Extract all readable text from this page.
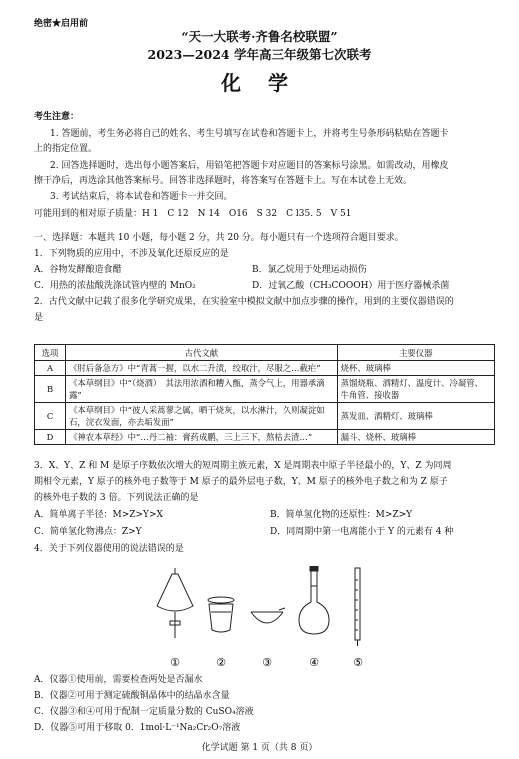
绝密★启用前
“天一大联考·齐鲁名校联盟”
2023—2024 学年高三年级第七次联考
化 学
考生注意：
1. 答题前，考生务必将自己的姓名、考生号填写在试卷和答题卡上，并将考生号条形码粘贴在答题卡
上的指定位置。
2. 回答选择题时，选出每小题答案后，用铅笔把答题卡对应题目的答案标号涂黑。如需改动，用橡皮
擦干净后，再选涂其他答案标号。回答非选择题时，将答案写在答题卡上。写在本试卷上无效。
3. 考试结束后，将本试卷和答题卡一并交回。
可能用到的相对原子质量：H 1　C 12　N 14　O16　S 32　C l35. 5　V 51
一、选择题：本题共 10 小题，每小题 2 分，共 20 分。每小题只有一个选项符合题目要求。
1．下列物质的应用中，不涉及氧化还原反应的是
A．谷物发酵酿造食醋	B．氯乙烷用于处理运动损伤
C．用热的浓盐酸洗涤试管内壁的 MnO₂	D．过氧乙酸（CH₃COOOH）用于医疗器械杀菌
2．古代文献中记载了很多化学研究成果，在实验室中模拟文献中加点步骤的操作，用到的主要仪器错误的
是
选项	古代文献	主要仪器
A	《肘后备急方》中“青蒿一握，以水二升渍，绞取汁，尽服之…截疟”	烧杯、玻璃棒
B	《本草纲目》中“（烧酒）　其法用浓酒和糟入甑，蒸令气上，用器承滴露”	蒸馏烧瓶、酒精灯、温度计、冷凝管、牛角管、接收器
C	《本草纲目》中“彼人采蒿蓼之属，晒干烧灰，以水淋汁，久则凝淀如石，浣衣发面，亦去垢发面”	蒸发皿、酒精灯、玻璃棒
D	《神农本草经》中“…丹二袖：膏药成鹏，三上三下，熬枯去渣…”	漏斗、烧杯、玻璃棒
3．X、Y、Z 和 M 是原子序数依次增大的短周期主族元素，X 是周期表中原子半径最小的，Y、Z 为同周
期相令元素，Y 原子的核外电子数等于 M 原子的最外层电子数，Y、M 原子的核外电子数之和为 Z 原子
的核外电子数的 3 倍。下列说法正确的是
A．简单离子半径：M>Z>Y>X	B．简单氢化物的还原性：M>Z>Y
C．简单氢化物沸点：Z>Y	D．同周期中第一电离能小于 Y 的元素有 4 种
4．关于下列仪器使用的说法错误的是
①	②	③	④	⑤
A．仪器①使用前，需要检查两处是否漏水
B．仪器②可用于测定硫酸铜晶体中的结晶水含量
C．仪器③和④可用于配制一定质量分数的 CuSO₄溶液
D．仪器⑤可用于移取 0．1mol·L⁻¹Na₂Cr₂O₇溶液
化学试题 第 1 页（共 8 页）
